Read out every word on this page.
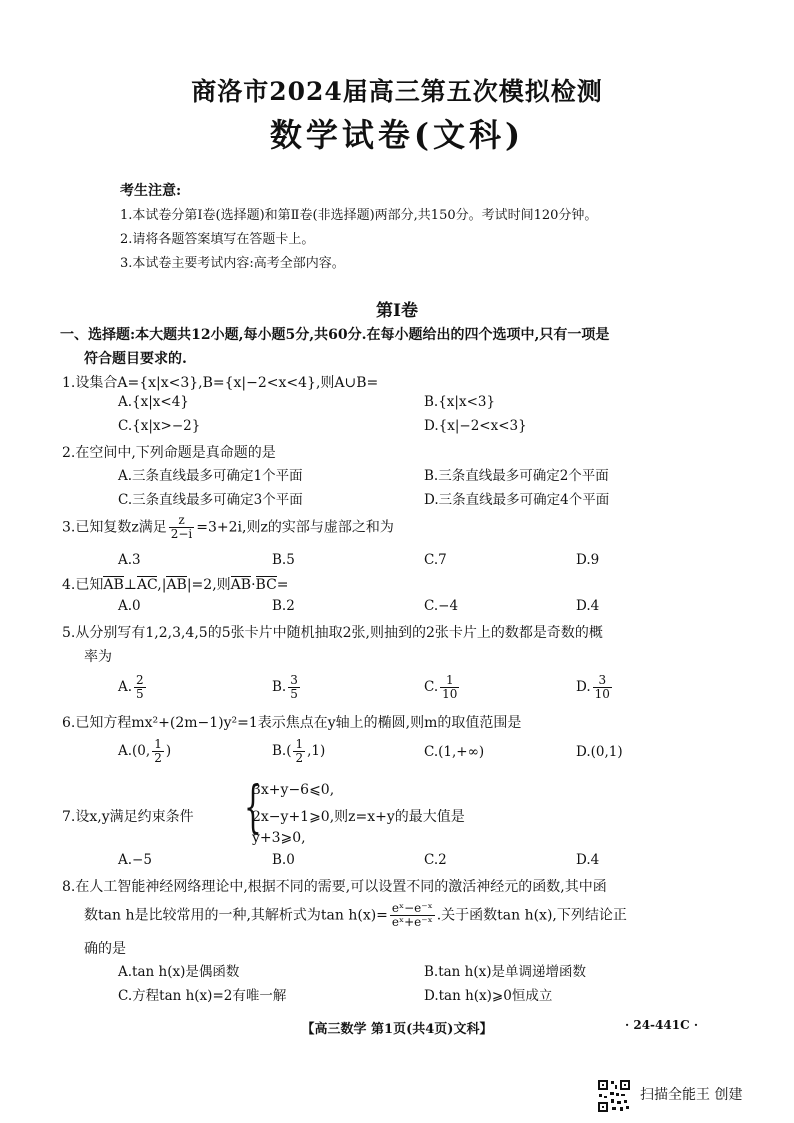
商洛市2024届高三第五次模拟检测
数学试卷(文科)
考生注意:
1.本试卷分第Ⅰ卷(选择题)和第Ⅱ卷(非选择题)两部分,共150分。考试时间120分钟。
2.请将各题答案填写在答题卡上。
3.本试卷主要考试内容:高考全部内容。
第Ⅰ卷
一、选择题:本大题共12小题,每小题5分,共60分.在每小题给出的四个选项中,只有一项是
符合题目要求的.
1.设集合A={x|x<3},B={x|−2<x<4},则A∪B=
A.{x|x<4}	B.{x|x<3}
C.{x|x>−2}	D.{x|−2<x<3}
2.在空间中,下列命题是真命题的是
A.三条直线最多可确定1个平面	B.三条直线最多可确定2个平面
C.三条直线最多可确定3个平面	D.三条直线最多可确定4个平面
3.已知复数z满足 $\frac{z}{2-i} =3+2i$,则z的实部与虚部之和为
A.3	B.5	C.7	D.9
4.已知AB⊥AC,|AB|=2,则AB·BC=
A.0	B.2	C.−4	D.4
5.从分别写有1,2,3,4,5的5张卡片中随机抽取2张,则抽到的2张卡片上的数都是奇数的概
率为
A. $\frac{2}{5}$	B. $\frac{3}{5}$	C. $\frac{1}{10}$	D. $\frac{3}{10}$
6.已知方程mx²+(2m−1)y²=1表示焦点在y轴上的椭圆,则m的取值范围是
A.(0, $\frac{1}{2}$ )	$B.( \frac{1}{2} ,1)$	C.(1,+∞)	D.(0,1)
7.设x,y满足约束条件 {
3x+y−6⩽0,
2x−y+1⩾0,则z=x+y的最大值是
y+3⩾0,
A.−5	B.0	C.2	D.4
8.在人工智能神经网络理论中,根据不同的需要,可以设置不同的激活神经元的函数,其中函
数tan h是比较常用的一种,其解析式为$\tan h(x)= \frac{\text{eˣ−e⁻ˣ}}{\text{eˣ+e⁻ˣ}}$ .关于函数tan h(x),下列结论正
确的是
A.tan h(x)是偶函数	B.tan h(x)是单调递增函数
C.方程tan h(x)=2有唯一解	D.tan h(x)⩾0恒成立
【高三数学 第1页(共4页)文科】	· 24-441C ·
扫描全能王 创建
